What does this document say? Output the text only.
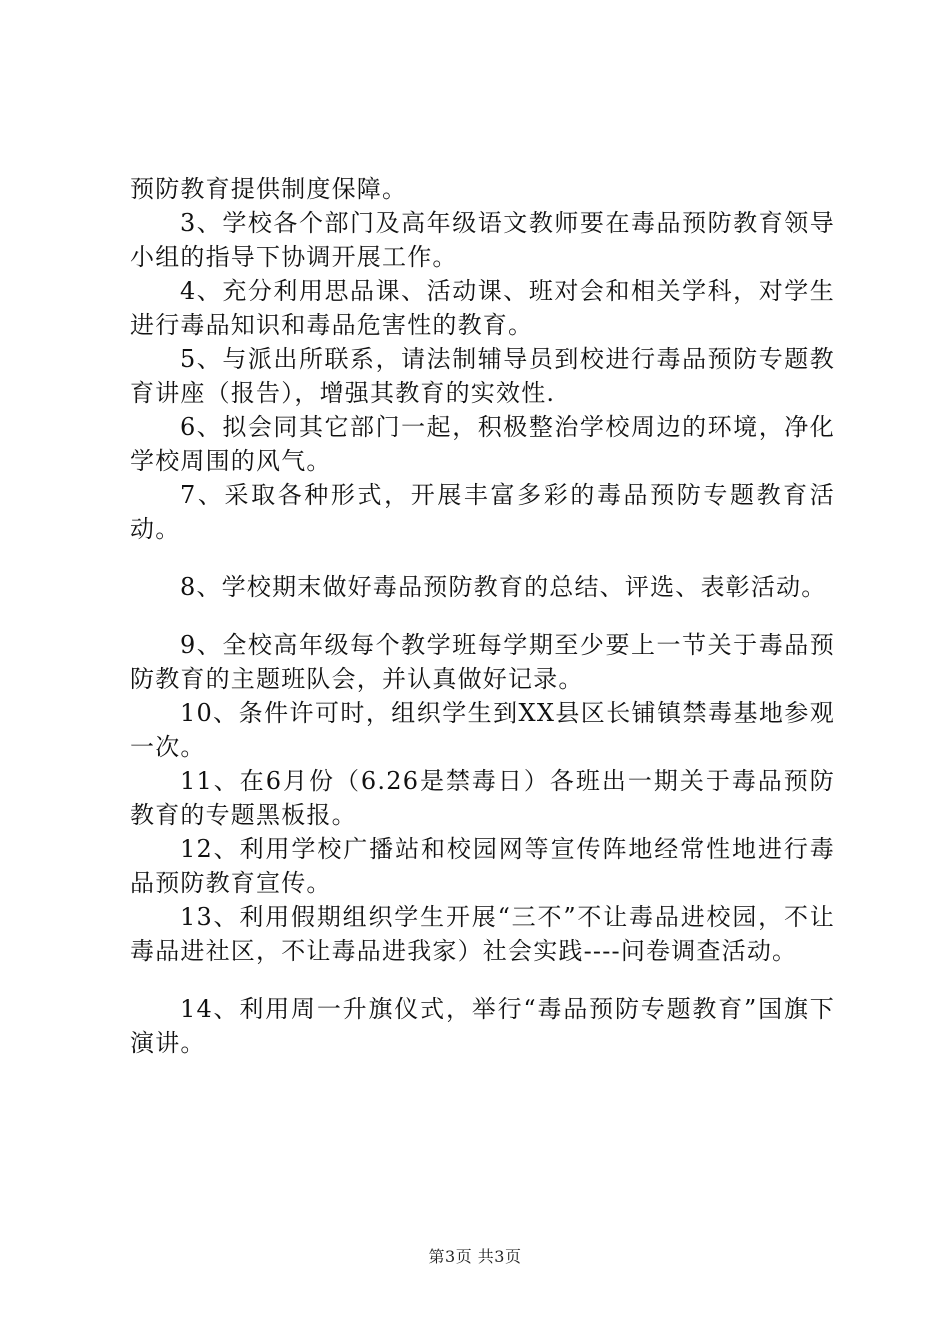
预防教育提供制度保障。

3、学校各个部门及高年级语文教师要在毒品预防教育领导小组的指导下协调开展工作。

4、充分利用思品课、活动课、班对会和相关学科，对学生进行毒品知识和毒品危害性的教育。

5、与派出所联系，请法制辅导员到校进行毒品预防专题教育讲座（报告），增强其教育的实效性.

6、拟会同其它部门一起，积极整治学校周边的环境，净化学校周围的风气。

7、采取各种形式，开展丰富多彩的毒品预防专题教育活动。

8、学校期末做好毒品预防教育的总结、评选、表彰活动。

9、全校高年级每个教学班每学期至少要上一节关于毒品预防教育的主题班队会，并认真做好记录。

10、条件许可时，组织学生到XX县区长铺镇禁毒基地参观一次。

11、在6月份（6.26是禁毒日）各班出一期关于毒品预防教育的专题黑板报。

12、利用学校广播站和校园网等宣传阵地经常性地进行毒品预防教育宣传。

13、利用假期组织学生开展“三不”不让毒品进校园，不让毒品进社区，不让毒品进我家）社会实践----问卷调查活动。

14、利用周一升旗仪式，举行“毒品预防专题教育”国旗下演讲。

第3页 共3页
